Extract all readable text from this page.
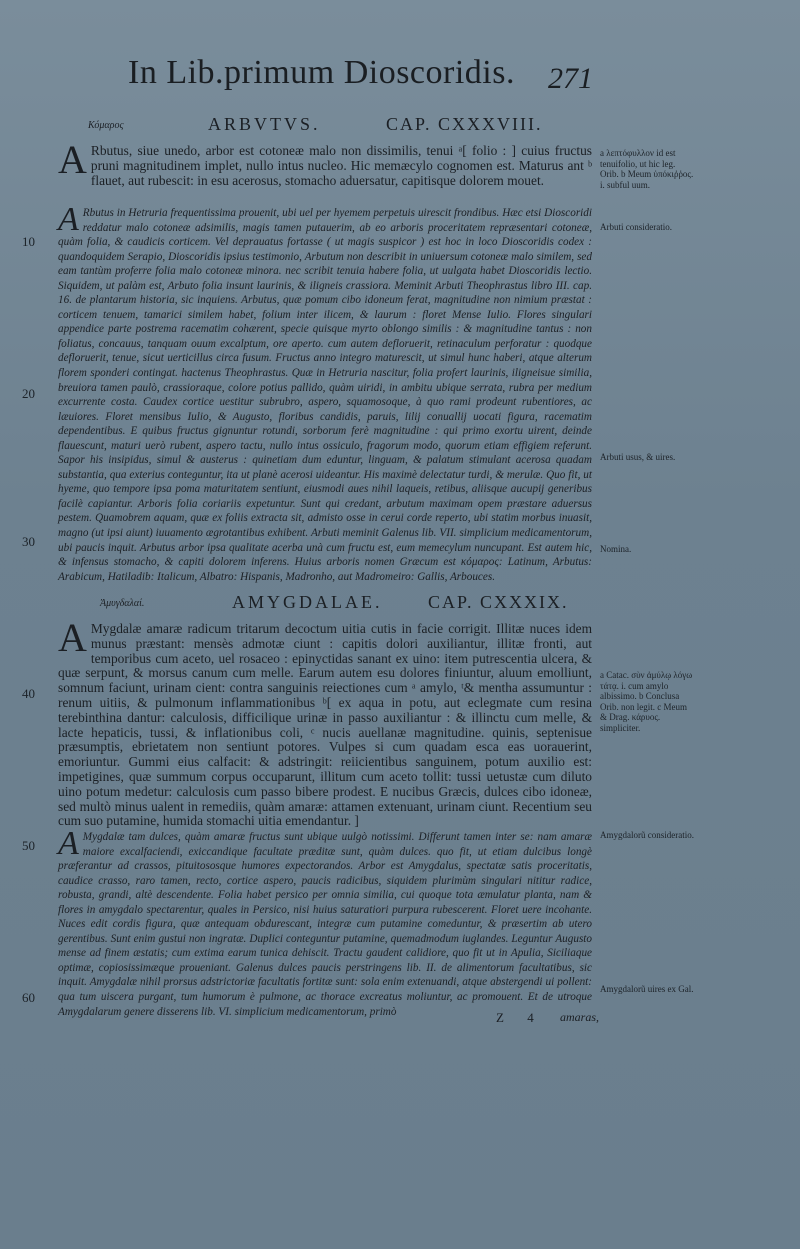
In Lib.primum Dioscoridis. 271
Κόμαρος	ARBVTVS.	CAP. CXXXVIII.
A Rbutus, siue unedo, arbor est cotoneæ malo non dissimilis, tenui ᵃ[ folio : ] cuius fructus pruni magnitudinem implet, nullo intus nucleo. Hic memæcylo cognomen est. Maturus ant ᵇ flauet, aut rubescit: in esu acerosus, stomacho aduersatur, capitisque dolorem mouet.
A Rbutus in Hetruria frequentissima prouenit, ubi uel per hyemem perpetuis uirescit frondibus. Hæc etsi Dioscoridi reddatur malo cotoneæ adsimilis, magis tamen putauerim, ab eo arboris proceritatem repræsentari cotoneæ, quàm folia, & caudicis corticem. Vel deprauatus fortasse ( ut magis suspicor ) est hoc in loco Dioscoridis codex : quandoquidem Serapio, Dioscoridis ipsius testimonio, Arbutum non describit in uniuersum cotoneæ malo similem, sed eam tantùm proferre folia malo cotoneæ minora. nec scribit tenuia habere folia, ut uulgata habet Dioscoridis lectio. Siquidem, ut palàm est, Arbuto folia insunt laurinis, & iligneis crassiora. Meminit Arbuti Theophrastus libro III. cap. 16. de plantarum historia, sic inquiens. Arbutus, quæ pomum cibo idoneum ferat, magnitudine non nimium præstat : corticem tenuem, tamarici similem habet, folium inter ilicem, & laurum : floret Mense Iulio. Flores singulari appendice parte postrema racematim cohærent, specie quisque myrto oblongo similis : & magnitudine tantus : non foliatus, concauus, tanquam ouum excalptum, ore aperto. cum autem defloruerit, retinaculum perforatur : quodque defloruerit, tenue, sicut uerticillus circa fusum. Fructus anno integro maturescit, ut simul hunc haberi, atque alterum florem sponderi contingat. hactenus Theophrastus. Quæ in Hetruria nascitur, folia profert laurinis, iligneisue similia, breuiora tamen paulò, crassioraque, colore potius pallido, quàm uiridi, in ambitu ubique serrata, rubra per medium excurrente costa. Caudex cortice uestitur subrubro, aspero, squamosoque, à quo rami prodeunt rubentiores, ac læuiores. Floret mensibus Iulio, & Augusto, floribus candidis, paruis, lilij conuallij uocati figura, racematim dependentibus. E quibus fructus gignuntur rotundi, sorborum ferè magnitudine : qui primo exortu uirent, deinde flauescunt, maturi uerò rubent, aspero tactu, nullo intus ossiculo, fragorum modo, quorum etiam effigiem referunt. Sapor his insipidus, simul & austerus : quinetiam dum eduntur, linguam, & palatum stimulant acerosa quadam substantia, qua exterius conteguntur, ita ut planè acerosi uideantur. His maximè delectatur turdi, & merulæ. Quo fit, ut hyeme, quo tempore ipsa poma maturitatem sentiunt, eiusmodi aues nihil laqueis, retibus, aliisque aucupij generibus facilè capiantur. Arboris folia coriariis expetuntur. Sunt qui credant, arbutum maximam opem præstare aduersus pestem. Quamobrem aquam, quæ ex foliis extracta sit, admisto osse in cerui corde reperto, ubi statim morbus inuasit, magno (ut ipsi aiunt) iuuamento ægrotantibus exhibent. Arbuti meminit Galenus lib. VII. simplicium medicamentorum, ubi paucis inquit. Arbutus arbor ipsa qualitate acerba unà cum fructu est, eum memecylum nuncupant. Est autem hic, & infensus stomacho, & capiti dolorem inferens. Huius arboris nomen Græcum est κόμαρος: Latinum, Arbutus: Arabicum, Hatiladib: Italicum, Albatro: Hispanis, Madronho, aut Madromeiro: Gallis, Arbouces.
Ἀμυγδαλαί.	AMYGDALAE.	CAP. CXXXIX.
A Mygdalæ amaræ radicum tritarum decoctum uitia cutis in facie corrigit. Illitæ nuces idem munus præstant: mensès admotæ ciunt : capitis dolori auxiliantur, illitæ fronti, aut temporibus cum aceto, uel rosaceo : epinyctidas sanant ex uino: item putrescentia ulcera, & quæ serpunt, & morsus canum cum melle. Earum autem esu dolores finiuntur, aluum emolliunt, somnum faciunt, urinam cient: contra sanguinis reiectiones cum ᵃ amylo, ᵗ& mentha assumuntur : renum uitiis, & pulmonum inflammationibus ᵇ[ ex aqua in potu, aut eclegmate cum resina terebinthina dantur: calculosis, difficilique urinæ in passo auxiliantur : & illinctu cum melle, & lacte hepaticis, tussi, & inflationibus coli, ᶜ nucis auellanæ magnitudine. quinis, septenisue præsumptis, ebrietatem non sentiunt potores. Vulpes si cum quadam esca eas uorauerint, emoriuntur. Gummi eius calfacit: & adstringit: reiicientibus sanguinem, potum auxilio est: impetigines, quæ summum corpus occuparunt, illitum cum aceto tollit: tussi uetustæ cum diluto uino potum medetur: calculosis cum passo bibere prodest. E nucibus Græcis, dulces cibo idoneæ, sed multò minus ualent in remediis, quàm amaræ: attamen extenuant, urinam ciunt. Recentium seu cum suo putamine, humida stomachi uitia emendantur. ]
A Mygdalæ tam dulces, quàm amaræ fructus sunt ubique uulgò notissimi. Differunt tamen inter se: nam amaræ maiore excalfaciendi, exiccandique facultate præditæ sunt, quàm dulces. quo fit, ut etiam dulcibus longè præferantur ad crassos, pituitososque humores expectorandos. Arbor est Amygdalus, spectatæ satis proceritatis, caudice crasso, raro tamen, recto, cortice aspero, paucis radicibus, siquidem plurimùm singulari nititur radice, robusta, grandi, altè descendente. Folia habet persico per omnia similia, cui quoque tota æmulatur planta, nam & flores in amygdalo spectarentur, quales in Persico, nisi huius saturatiori purpura rubescerent. Floret uere incohante. Nuces edit cordis figura, quæ antequam obdurescant, integræ cum putamine comeduntur, & præsertim ab utero gerentibus. Sunt enim gustui non ingratæ. Duplici conteguntur putamine, quemadmodum iuglandes. Leguntur Augusto mense ad finem æstatis; cum extima earum tunica dehiscit. Tractu gaudent calidiore, quo fit ut in Apulia, Siciliaque optimæ, copiosissimæque proueniant. Galenus dulces paucis perstringens lib. II. de alimentorum facultatibus, sic inquit. Amygdalæ nihil prorsus adstrictoriæ facultatis fortitæ sunt: sola enim extenuandi, atque abstergendi ui pollent: qua tum uiscera purgant, tum humorum è pulmone, ac thorace excreatus moliuntur, ac promouent. Et de utroque Amygdalarum genere disserens lib. VI. simplicium medicamentorum, primò
a λεπτόφυλλον id est tenuifolio, ut hic leg. Orib. b Meum ὑπόκιῤῥος. i. subful uum.
Arbuti consideratio.
Arbuti usus, & uires.
Nomina.
a Catac. σὺν ἀμύλῳ λόγω τάτᾳ. i. cum amylo albissimo. b Conclusa Orib. non legit. c Meum & Drag. κάρυος. simpliciter.
Amygdalorũ consideratio.
Amygdalorũ uires ex Gal.
10
20
30
40
50
60
Z 4 amaras,
